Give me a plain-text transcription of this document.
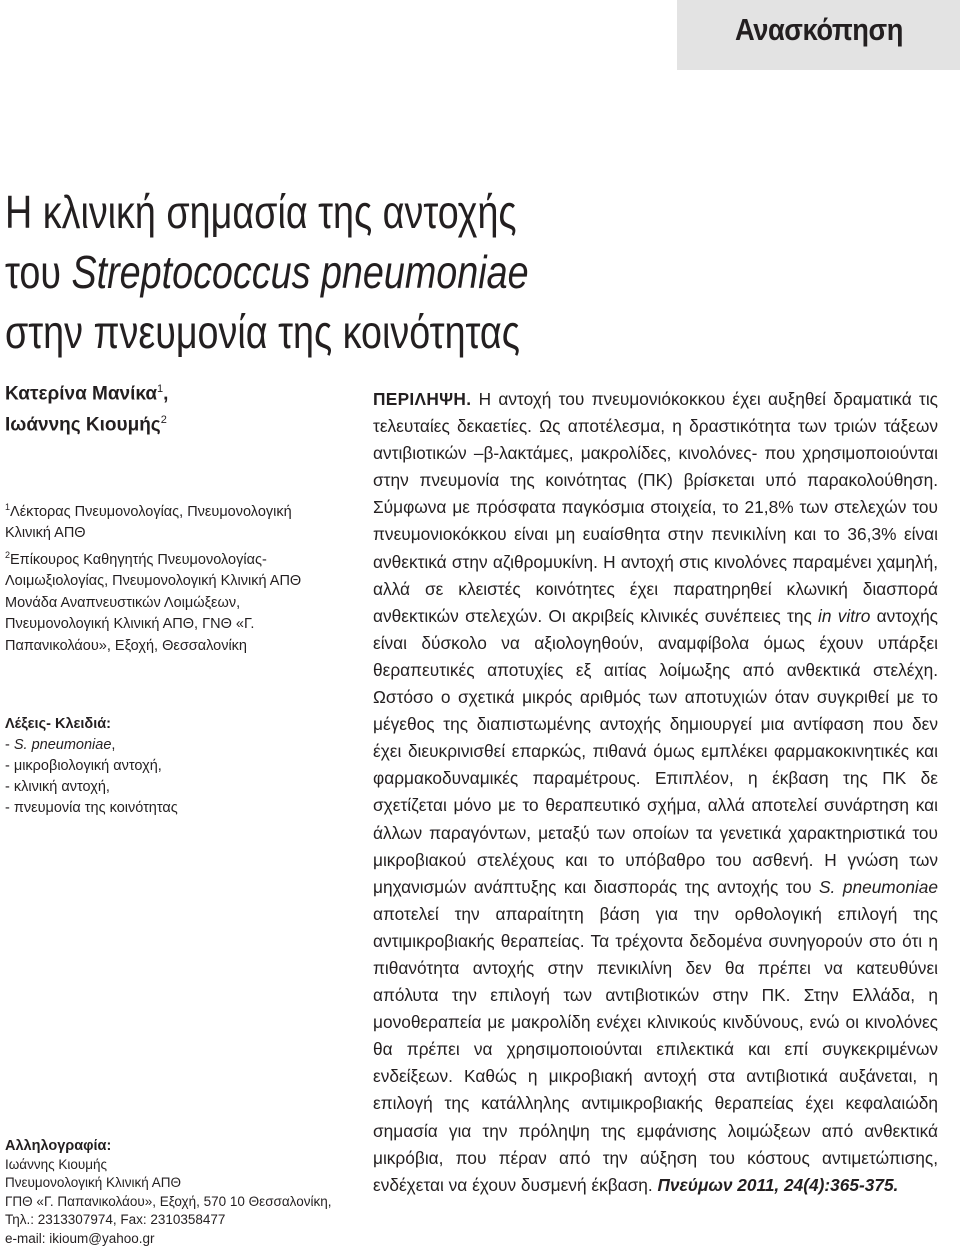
Ανασκόπηση
Η κλινική σημασία της αντοχής
του Streptococcus pneumoniae
στην πνευμονία της κοινότητας
Κατερίνα Μανίκα$^1$,
Ιωάννης Κιουμής$^2$
$^1$Λέκτορας Πνευμονολογίας, Πνευμονολογική
Κλινική ΑΠΘ
$^2$Επίκουρος Καθηγητής Πνευμονολογίας-
Λοιμωξιολογίας, Πνευμονολογική Κλινική ΑΠΘ
Μονάδα Αναπνευστικών Λοιμώξεων,
Πνευμονολογική Κλινική ΑΠΘ, ΓΝΘ «Γ.
Παπανικολάου», Εξοχή, Θεσσαλονίκη
Λέξεις- Κλειδιά:
- S. pneumoniae,
- μικροβιολογική αντοχή,
- κλινική αντοχή,
- πνευμονία της κοινότητας
Αλληλογραφία:
Ιωάννης Κιουμής
Πνευμονολογική Κλινική ΑΠΘ
ΓΠΘ «Γ. Παπανικολάου», Εξοχή, 570 10 Θεσσαλονίκη,
Τηλ.: 2313307974, Fax: 2310358477
e-mail: ikioum@yahoo.gr
ΠΕΡΙΛΗΨΗ. Η αντοχή του πνευμονιόκοκκου έχει αυξηθεί δραματικά τις τελευταίες δεκαετίες. Ως αποτέλεσμα, η δραστικότητα των τριών τάξεων αντιβιοτικών –β-λακτάμες, μακρολίδες, κινολόνες- που χρησιμοποιούνται στην πνευμονία της κοινότητας (ΠΚ) βρίσκεται υπό παρακολούθηση. Σύμφωνα με πρόσφατα παγκόσμια στοιχεία, το 21,8% των στελεχών του πνευμονιοκόκκου είναι μη ευαίσθητα στην πενικιλίνη και το 36,3% είναι ανθεκτικά στην αζιθρομυκίνη. Η αντοχή στις κινολόνες παραμένει χαμηλή, αλλά σε κλειστές κοινότητες έχει παρατηρηθεί κλωνική διασπορά ανθεκτικών στελεχών. Οι ακριβείς κλινικές συνέπειες της in vitro αντοχής είναι δύσκολο να αξιολογηθούν, αναμφίβολα όμως έχουν υπάρξει θεραπευτικές αποτυχίες εξ αιτίας λοίμωξης από ανθεκτικά στελέχη. Ωστόσο ο σχετικά μικρός αριθμός των αποτυχιών όταν συγκριθεί με το μέγεθος της διαπιστωμένης αντοχής δημιουργεί μια αντίφαση που δεν έχει διευκρινισθεί επαρκώς, πιθανά όμως εμπλέκει φαρμακοκινητικές και φαρμακοδυναμικές παραμέτρους. Επιπλέον, η έκβαση της ΠΚ δε σχετίζεται μόνο με το θεραπευτικό σχήμα, αλλά αποτελεί συνάρτηση και άλλων παραγόντων, μεταξύ των οποίων τα γενετικά χαρακτηριστικά του μικροβιακού στελέχους και το υπόβαθρο του ασθενή. Η γνώση των μηχανισμών ανάπτυξης και διασποράς της αντοχής του S. pneumoniae αποτελεί την απαραίτητη βάση για την ορθολογική επιλογή της αντιμικροβιακής θεραπείας. Τα τρέχοντα δεδομένα συνηγορούν στο ότι η πιθανότητα αντοχής στην πενικιλίνη δεν θα πρέπει να κατευθύνει απόλυτα την επιλογή των αντιβιοτικών στην ΠΚ. Στην Ελλάδα, η μονοθεραπεία με μακρολίδη ενέχει κλινικούς κινδύνους, ενώ οι κινολόνες θα πρέπει να χρησιμοποιούνται επιλεκτικά και επί συγκεκριμένων ενδείξεων. Καθώς η μικροβιακή αντοχή στα αντιβιοτικά αυξάνεται, η επιλογή της κατάλληλης αντιμικροβιακής θεραπείας έχει κεφαλαιώδη σημασία για την πρόληψη της εμφάνισης λοιμώξεων από ανθεκτικά μικρόβια, που πέραν από την αύξηση του κόστους αντιμετώπισης, ενδέχεται να έχουν δυσμενή έκβαση. Πνεύμων 2011, 24(4):365-375.
